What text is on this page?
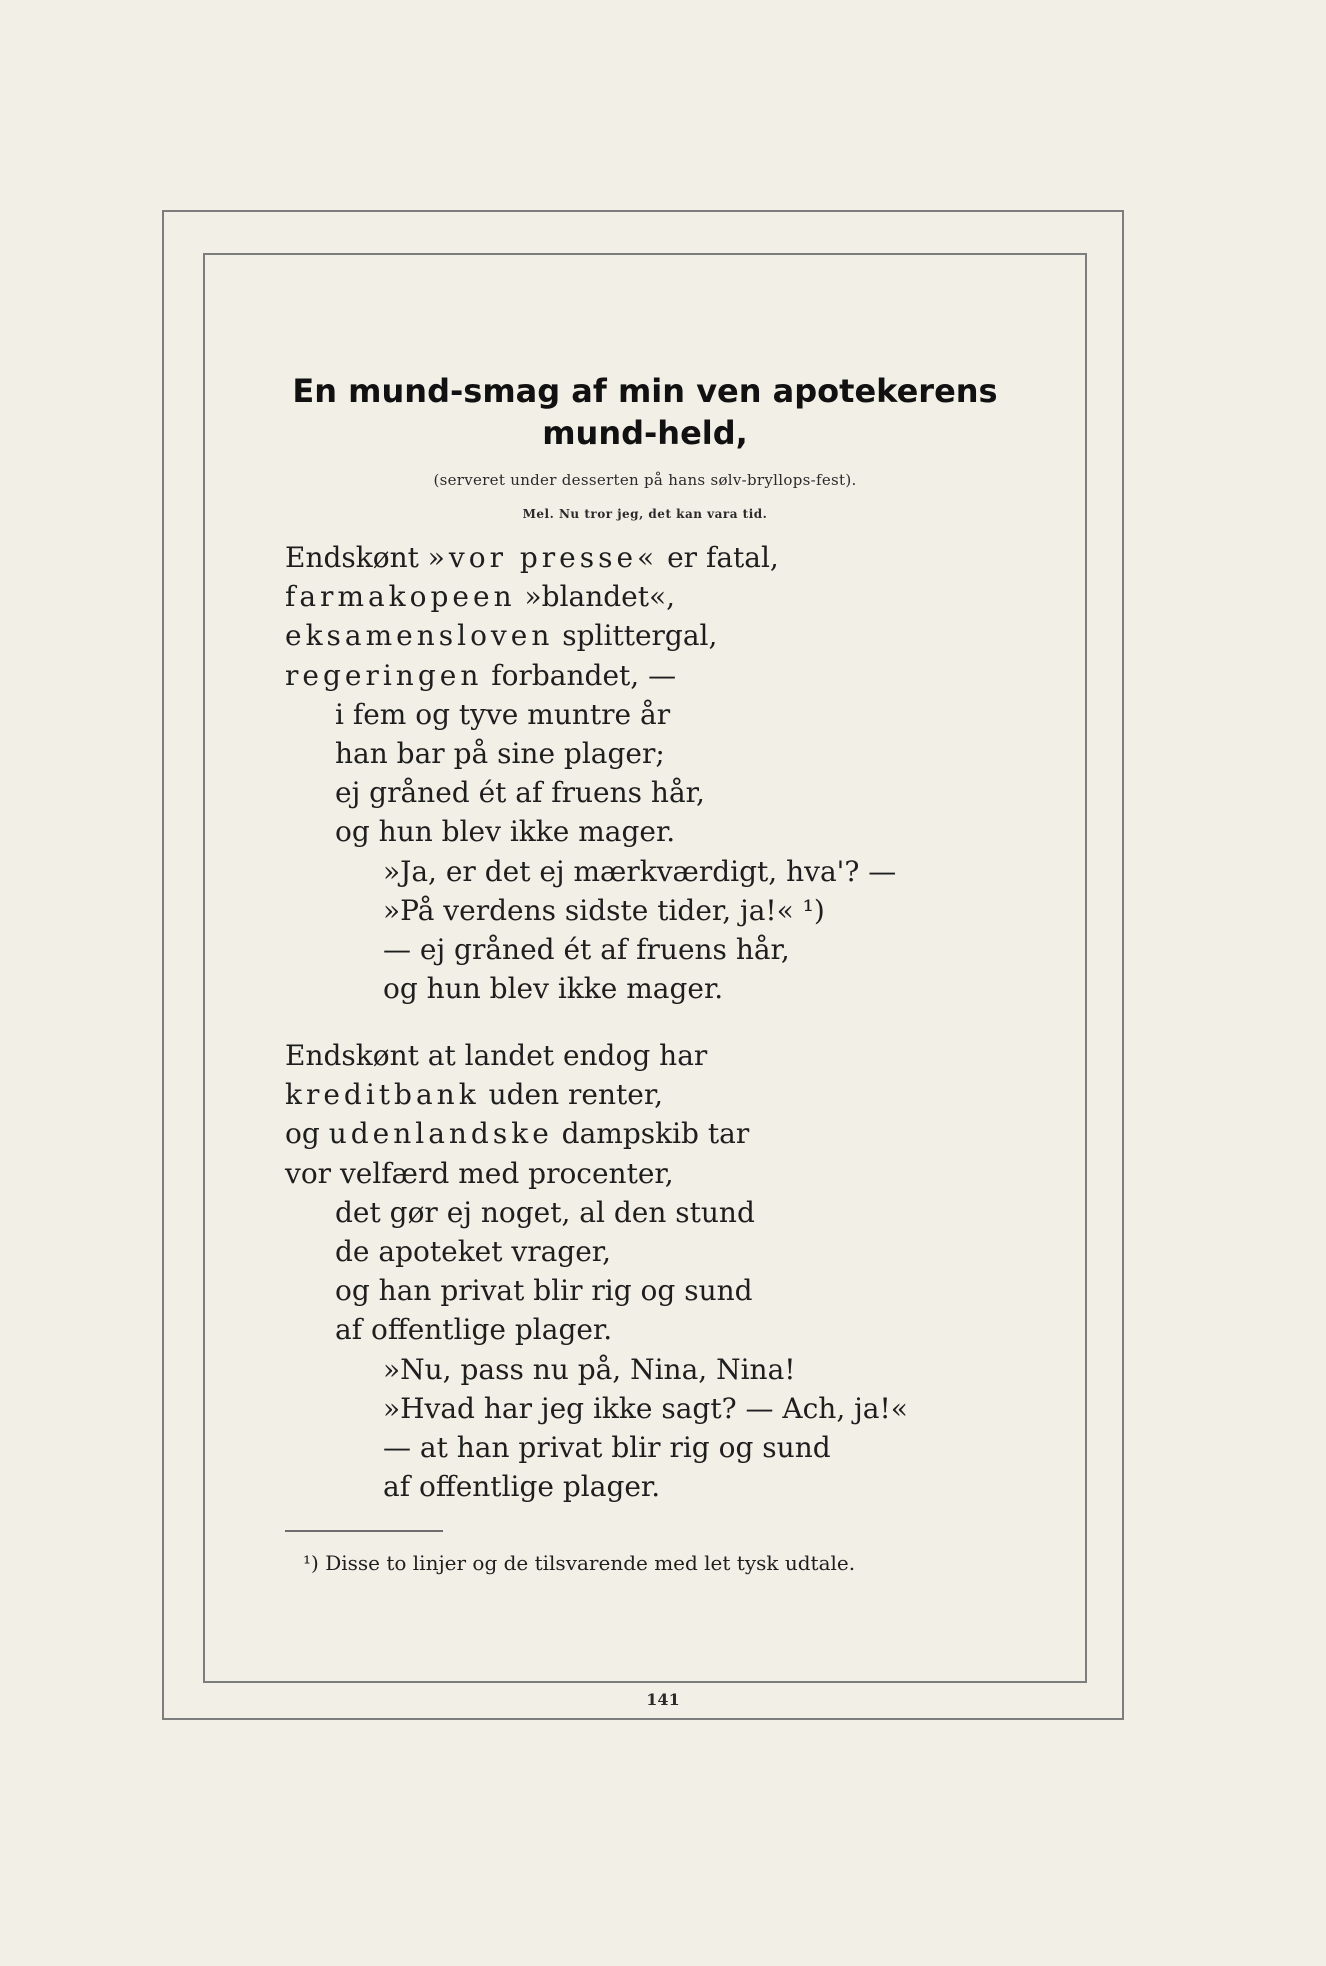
En mund-smag af min ven apotekerens
mund-held,
(serveret under desserten på hans sølv-bryllops-fest).
Mel. Nu tror jeg, det kan vara tid.
Endskønt »vor presse« er fatal,
farmakopeen »blandet«,
eksamensloven splittergal,
regeringen forbandet, —
i fem og tyve muntre år
han bar på sine plager;
ej gråned ét af fruens hår,
og hun blev ikke mager.
»Ja, er det ej mærkværdigt, hva'? —
»På verdens sidste tider, ja!« ¹)
— ej gråned ét af fruens hår,
og hun blev ikke mager.
Endskønt at landet endog har
kreditbank uden renter,
og udenlandske dampskib tar
vor velfærd med procenter,
det gør ej noget, al den stund
de apoteket vrager,
og han privat blir rig og sund
af offentlige plager.
»Nu, pass nu på, Nina, Nina!
»Hvad har jeg ikke sagt? — Ach, ja!«
— at han privat blir rig og sund
af offentlige plager.
¹) Disse to linjer og de tilsvarende med let tysk udtale.
141
